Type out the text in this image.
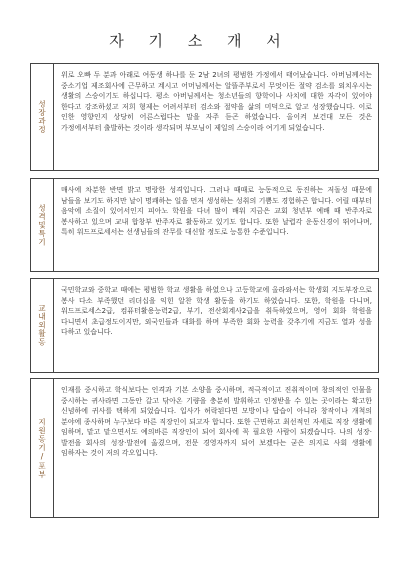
자 기 소 개 서
성장과정
위로 오빠 두 분과 아래로 여동생 하나를 둔 2남 2녀의 평범한 가정에서 태어났습니다. 아버님께서는 중소기업 제조회사에 근무하고 계시고 어머님께서는 알뜰주부로서 무엇이든 절약 검소를 외치우시는 생활의 스승이기도 하십니다. 평소 아버님께서는 청소년들의 향학이나 사치에 대한 자각이 있어야 한다고 강조하셨고 저희 형제는 어려서부터 검소와 절약을 삶의 미덕으로 알고 성장했습니다. 이로 인한 영향인지 상당히 어른스럽다는 말을 자주 듣곤 하였습니다. 올이켜 보건대 모든 것은 가정에서부터 출발하는 것이라 생각되며 부모님이 제일의 스승이라 여기게 되었습니다.
성격및특기
매사에 차분한 반면 밝고 명랑한 성격입니다. 그러나 때때로 능동적으로 동진하는 저돌성 때문에 남들을 보기도 하지만 날이 명쾌하는 일을 먼저 생성하는 성취의 기쁨도 경험하곤 합니다. 어릴 때부터 음악에 소질이 있어서인지 피아노 학원을 다녀 많이 배워 지금은 교회 청년부 예배 때 반주자로 봉사하고 있으며 교내 합창부 반주자로 활동하고 있기도 합니다. 또한 날렵각 운동신경이 뛰어나며, 특히 워드프로세서는 선생님들의 잔무를 대신할 정도로 능통한 수준입니다.
교내외활동
국민학교와 중학교 때에는 평범한 학교 생활을 하였으나 고등학교에 올라와서는 학생회 지도부장으로 봉사 다소 부족했던 리더십을 익힌 알찬 학생 활동을 하기도 하였습니다. 또한, 학원을 다니며, 워드프로세스2급, 컴퓨터활용능력2급, 부기, 전산회계사2급을 취득하였으며, 영어 회화 학원을 다니면서 초급정도이지만, 외국인들과 대화를 하며 부족한 회화 능력을 갖추기에 지금도 열과 성을 다하고 있습니다.
지원동기/포부
인재를 중시하고 학식보다는 인격과 기본 소양을 중시하며, 적극적이고 진취적이며 창의적인 인물을 중시하는 귀사라면 그동안 갈고 닦아온 기량을 충분히 발휘하고 인정받을 수 있는 곳이라는 확고한 신념하에 귀사를 택하게 되었습니다. 입사가 허락된다면 모방이나 답습이 아니라 창작이나 개척의 분야에 종사하며 누구보다 바른 직장인이 되고자 합니다. 또한 근면하고 최선적인 자세로 직장 생활에 임하며, 맡고 맡으면서도 예의바른 직장인이 되어 회사에 꼭 필요한 사람이 되겠습니다. 나의 성장·발전을 회사의 성장·발전에 옮겼으며, 전문 경영자까지 되어 보겠다는 굳은 의지로 사회 생활에 임하자는 것이 저의 각오입니다.
